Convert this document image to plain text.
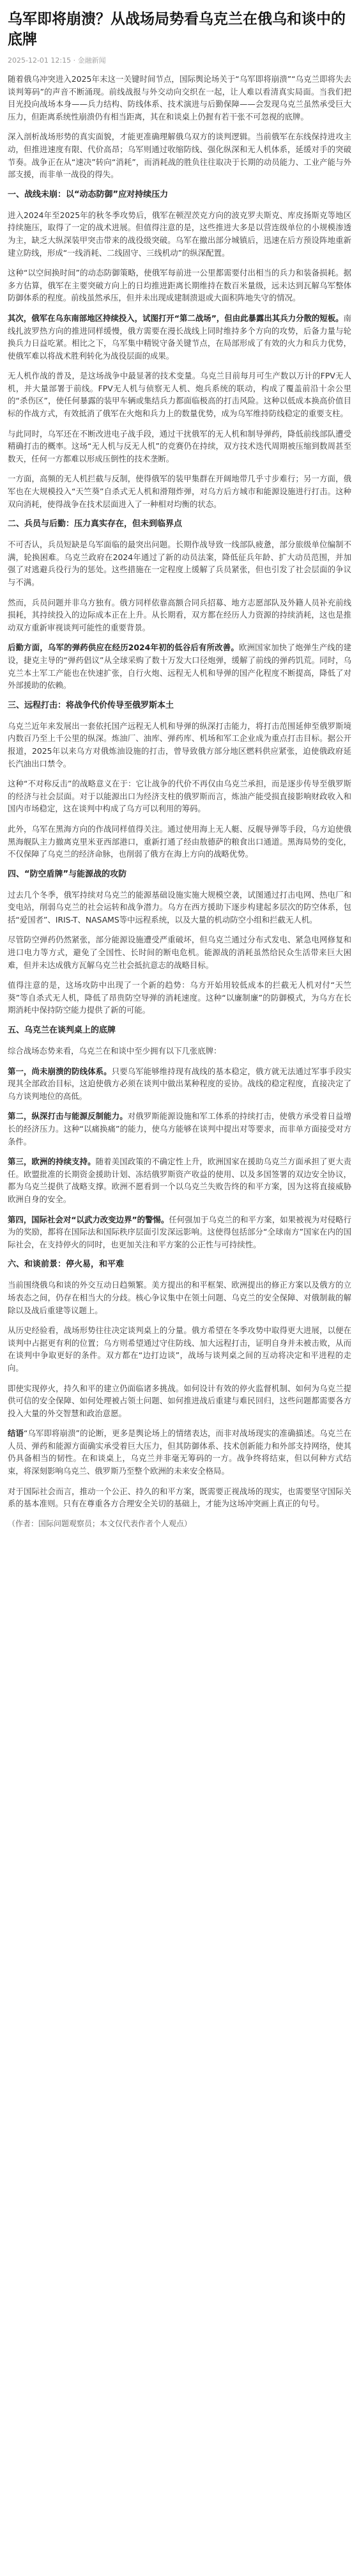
乌军即将崩溃？从战场局势看乌克兰在俄乌和谈中的底牌
2025-12-01 12:15 · 金融新闻

随着俄乌冲突进入2025年末这一关键时间节点，国际舆论场关于“乌军即将崩溃”“乌克兰即将失去谈判筹码”的声音不断涌现。前线战报与外交动向交织在一起，让人难以看清真实局面。当我们把目光投向战场本身——兵力结构、防线体系、技术演进与后勤保障——会发现乌克兰虽然承受巨大压力，但距离系统性崩溃仍有相当距离，其在和谈桌上仍握有若干张不可忽视的底牌。

深入剖析战场形势的真实面貌，才能更准确理解俄乌双方的谈判逻辑。当前俄军在东线保持进攻主动，但推进速度有限、代价高昂；乌军则通过收缩防线、强化纵深和无人机体系，延缓对手的突破节奏。战争正在从“速决”转向“消耗”，而消耗战的胜负往往取决于长期的动员能力、工业产能与外部支援，而非单一战役的得失。

一、战线未崩：以“动态防御”应对持续压力

进入2024年至2025年的秋冬季攻势后，俄军在顿涅茨克方向的波克罗夫斯克、库皮扬斯克等地区持续施压，取得了一定的战术进展。但值得注意的是，这些推进大多是以营连级单位的小规模渗透为主，缺乏大纵深装甲突击带来的战役级突破。乌军在撤出部分城镇后，迅速在后方预设阵地重新建立防线，形成“一线消耗、二线固守、三线机动”的纵深配置。

这种“以空间换时间”的动态防御策略，使俄军每前进一公里都需要付出相当的兵力和装备损耗。据多方估算，俄军在主要突破方向上的日均推进距离长期维持在数百米量级，远未达到瓦解乌军整体防御体系的程度。前线虽然承压，但并未出现成建制溃退或大面积阵地失守的情况。

其次，俄军在乌东南部地区持续投入，试图打开“第二战场”，但由此暴露出其兵力分散的短板。南线扎波罗热方向的推进同样缓慢，俄方需要在漫长战线上同时维持多个方向的攻势，后备力量与轮换兵力日益吃紧。相比之下，乌军集中精锐守备关键节点，在局部形成了有效的火力和兵力优势，使俄军难以将战术胜利转化为战役层面的成果。

无人机作战的普及，是这场战争中最显著的技术变量。乌克兰目前每月可生产数以万计的FPV无人机，并大量部署于前线。FPV无人机与侦察无人机、炮兵系统的联动，构成了覆盖前沿十余公里的“杀伤区”，使任何暴露的装甲车辆或集结兵力都面临极高的打击风险。这种以低成本换高价值目标的作战方式，有效抵消了俄军在火炮和兵力上的数量优势，成为乌军维持防线稳定的重要支柱。

与此同时，乌军还在不断改进电子战手段，通过干扰俄军的无人机和制导弹药，降低前线部队遭受精确打击的概率。这场“无人机与反无人机”的竞赛仍在持续，双方技术迭代周期被压缩到数周甚至数天，任何一方都难以形成压倒性的技术垄断。

一方面，高频的无人机拦截与反制，使得俄军的装甲集群在开阔地带几乎寸步难行；另一方面，俄军也在大规模投入“天竺葵”自杀式无人机和滑翔炸弹，对乌方后方城市和能源设施进行打击。这种双向消耗，使得战争在技术层面进入了一种相对均衡的状态。

二、兵员与后勤：压力真实存在，但未到临界点

不可否认，兵员短缺是乌军面临的最突出问题。长期作战导致一线部队疲惫，部分旅级单位编制不满，轮换困难。乌克兰政府在2024年通过了新的动员法案，降低征兵年龄、扩大动员范围，并加强了对逃避兵役行为的惩处。这些措施在一定程度上缓解了兵员紧张，但也引发了社会层面的争议与不满。

然而，兵员问题并非乌方独有。俄方同样依靠高额合同兵招募、地方志愿部队及外籍人员补充前线损耗，其持续投入的边际成本正在上升。从长期看，双方都在经历人力资源的持续消耗，这也是推动双方重新审视谈判可能性的重要背景。

后勤方面，乌军的弹药供应在经历2024年初的低谷后有所改善。欧洲国家加快了炮弹生产线的建设，捷克主导的“弹药倡议”从全球采购了数十万发大口径炮弹，缓解了前线的弹药饥荒。同时，乌克兰本土军工产能也在快速扩张，自行火炮、远程无人机和导弹的国产化程度不断提高，降低了对外部援助的依赖。

三、远程打击：将战争代价传导至俄罗斯本土

乌克兰近年来发展出一套依托国产远程无人机和导弹的纵深打击能力，将打击范围延伸至俄罗斯境内数百乃至上千公里的纵深。炼油厂、油库、弹药库、机场和军工企业成为重点打击目标。据公开报道，2025年以来乌方对俄炼油设施的打击，曾导致俄方部分地区燃料供应紧张，迫使俄政府延长汽油出口禁令。

这种“不对称反击”的战略意义在于：它让战争的代价不再仅由乌克兰承担，而是逐步传导至俄罗斯的经济与社会层面。对于以能源出口为经济支柱的俄罗斯而言，炼油产能受损直接影响财政收入和国内市场稳定，这在谈判中构成了乌方可以利用的筹码。

此外，乌军在黑海方向的作战同样值得关注。通过使用海上无人艇、反舰导弹等手段，乌方迫使俄黑海舰队主力撤离克里米亚西部港口，重新打通了经由敖德萨的粮食出口通道。黑海局势的变化，不仅保障了乌克兰的经济命脉，也削弱了俄方在海上方向的战略优势。

四、“防空盾牌”与能源战的攻防

过去几个冬季，俄军持续对乌克兰的能源基础设施实施大规模空袭，试图通过打击电网、热电厂和变电站，削弱乌克兰的社会运转和战争潜力。乌方在西方援助下逐步构建起多层次的防空体系，包括“爱国者”、IRIS-T、NASAMS等中远程系统，以及大量的机动防空小组和拦截无人机。

尽管防空弹药仍然紧张，部分能源设施遭受严重破坏，但乌克兰通过分布式发电、紧急电网修复和进口电力等方式，避免了全国性、长时间的断电危机。能源战的消耗虽然给民众生活带来巨大困难，但并未达成俄方瓦解乌克兰社会抵抗意志的战略目标。

值得注意的是，这场攻防中出现了一个新的趋势：乌方开始用较低成本的拦截无人机对付“天竺葵”等自杀式无人机，降低了昂贵防空导弹的消耗速度。这种“以廉制廉”的防御模式，为乌方在长期消耗中保持防空能力提供了新的可能。

五、乌克兰在谈判桌上的底牌

综合战场态势来看，乌克兰在和谈中至少拥有以下几张底牌：

第一，尚未崩溃的防线体系。只要乌军能够维持现有战线的基本稳定，俄方就无法通过军事手段实现其全部政治目标，这迫使俄方必须在谈判中做出某种程度的妥协。战线的稳定程度，直接决定了乌方谈判地位的高低。

第二，纵深打击与能源反制能力。对俄罗斯能源设施和军工体系的持续打击，使俄方承受着日益增长的经济压力。这种“以痛换痛”的能力，使乌方能够在谈判中提出对等要求，而非单方面接受对方条件。

第三，欧洲的持续支持。随着美国政策的不确定性上升，欧洲国家在援助乌克兰方面承担了更大责任。欧盟批准的长期资金援助计划、冻结俄罗斯资产收益的使用、以及多国签署的双边安全协议，都为乌克兰提供了战略支撑。欧洲不愿看到一个以乌克兰失败告终的和平方案，因为这将直接威胁欧洲自身的安全。

第四，国际社会对“以武力改变边界”的警惕。任何强加于乌克兰的和平方案，如果被视为对侵略行为的奖励，都将在国际法和国际秩序层面引发深远影响。这使得包括部分“全球南方”国家在内的国际社会，在支持停火的同时，也更加关注和平方案的公正性与可持续性。

六、和谈前景：停火易，和平难

当前围绕俄乌和谈的外交互动日趋频繁。美方提出的和平框架、欧洲提出的修正方案以及俄方的立场表态之间，仍存在相当大的分歧。核心争议集中在领土问题、乌克兰的安全保障、对俄制裁的解除以及战后重建等议题上。

从历史经验看，战场形势往往决定谈判桌上的分量。俄方希望在冬季攻势中取得更大进展，以便在谈判中占据更有利的位置；乌方则希望通过守住防线、加大远程打击，证明自身并未被击败，从而在谈判中争取更好的条件。双方都在“边打边谈”，战场与谈判桌之间的互动将决定和平进程的走向。

即使实现停火，持久和平的建立仍面临诸多挑战。如何设计有效的停火监督机制、如何为乌克兰提供可信的安全保障、如何处理被占领土问题、如何推进战后重建与难民回归，这些问题都需要各方投入大量的外交智慧和政治意愿。

结语“乌军即将崩溃”的论断，更多是舆论场上的情绪表达，而非对战场现实的准确描述。乌克兰在人员、弹药和能源方面确实承受着巨大压力，但其防御体系、技术创新能力和外部支持网络，使其仍具备相当的韧性。在和谈桌上，乌克兰并非毫无筹码的一方。战争终将结束，但以何种方式结束，将深刻影响乌克兰、俄罗斯乃至整个欧洲的未来安全格局。

对于国际社会而言，推动一个公正、持久的和平方案，既需要正视战场的现实，也需要坚守国际关系的基本准则。只有在尊重各方合理安全关切的基础上，才能为这场冲突画上真正的句号。

（作者：国际问题观察员；本文仅代表作者个人观点）
